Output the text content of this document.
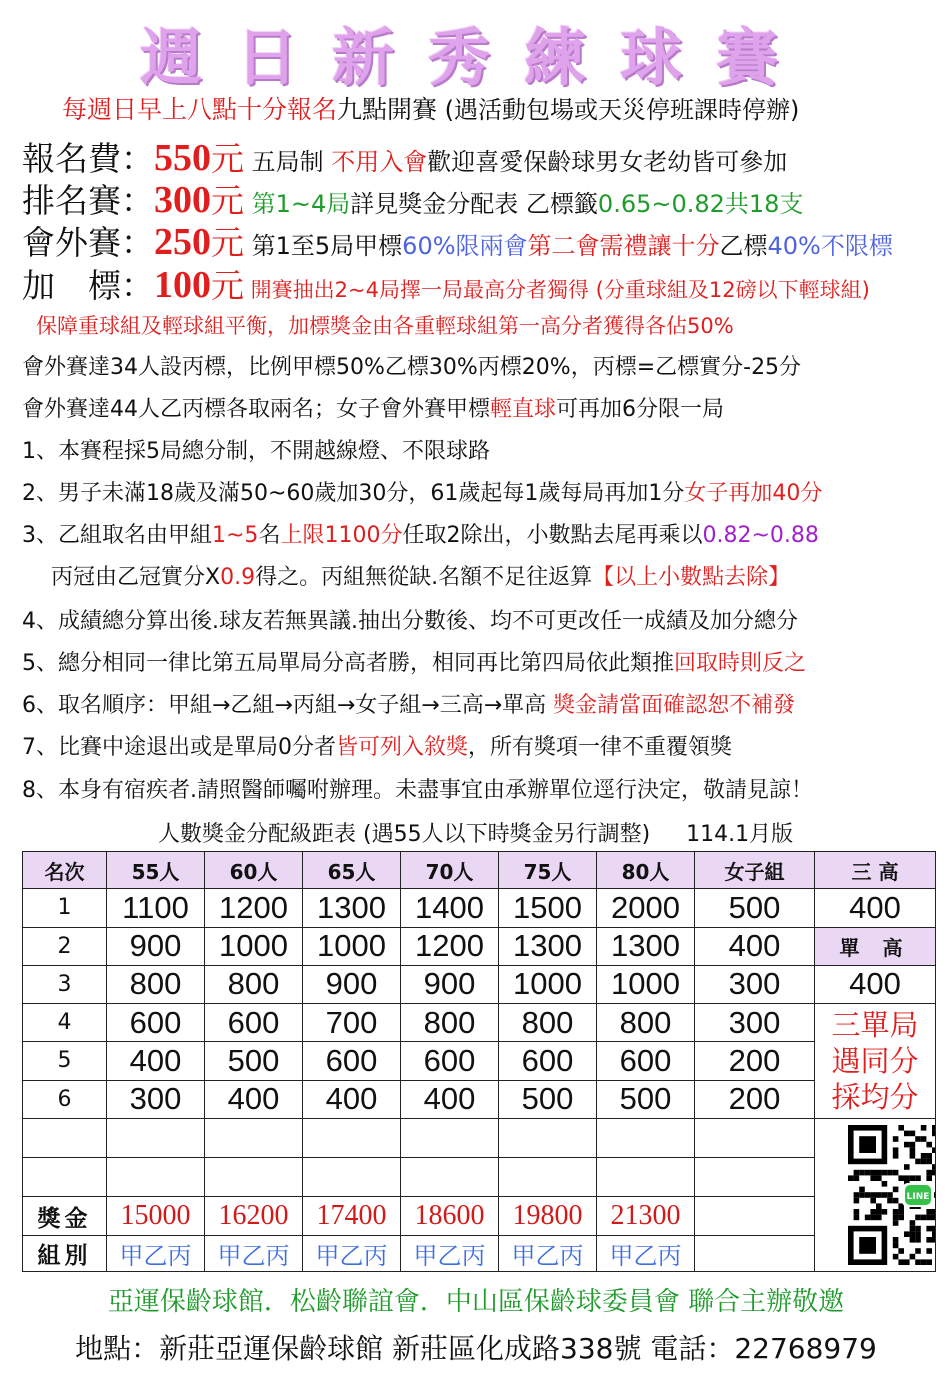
週日新秀練球賽
每週日早上八點十分報名九點開賽 (遇活動包場或天災停班課時停辦)
報名費：550元 五局制 不用入會歡迎喜愛保齡球男女老幼皆可參加
排名賽：300元 第1~4局詳見獎金分配表 乙標籤0.65~0.82共18支
會外賽：250元 第1至5局甲標60%限兩會第二會需禮讓十分乙標40%不限標
加　標：100元 開賽抽出2~4局擇一局最高分者獨得 (分重球組及12磅以下輕球組)
保障重球組及輕球組平衡，加標獎金由各重輕球組第一高分者獲得各佔50%
會外賽達34人設丙標，比例甲標50%乙標30%丙標20%，丙標=乙標實分-25分
會外賽達44人乙丙標各取兩名；女子會外賽甲標輕直球可再加6分限一局
1、本賽程採5局總分制，不開越線燈、不限球路
2、男子未滿18歲及滿50~60歲加30分，61歲起每1歲每局再加1分女子再加40分
3、乙組取名由甲組1~5名上限1100分任取2除出，小數點去尾再乘以0.82~0.88
　 丙冠由乙冠實分X0.9得之。丙組無從缺.名額不足往返算【以上小數點去除】
4、成績總分算出後.球友若無異議.抽出分數後、均不可更改任一成績及加分總分
5、總分相同一律比第五局單局分高者勝，相同再比第四局依此類推回取時則反之
6、取名順序：甲組→乙組→丙組→女子組→三高→單高 獎金請當面確認恕不補發
7、比賽中途退出或是單局0分者皆可列入敘獎，所有獎項一律不重覆領獎
8、本身有宿疾者.請照醫師囑咐辦理。未盡事宜由承辦單位逕行決定，敬請見諒！
人數獎金分配級距表 (遇55人以下時獎金另行調整) 114.1月版
名次	55人	60人	65人	70人	75人	80人	女子組	三 高
1	1100	1200	1300	1400	1500	2000	500	400
2	900	1000	1000	1200	1300	1300	400	單 高
3	800	800	900	900	1000	1000	300	400
4	600	600	700	800	800	800	300	三單局
遇同分
採均分

5	400	500	600	600	600	600	200	
6	300	400	400	400	500	500	200	

LINE

獎金	15000	16200	17400	18600	19800	21300		
組別	甲乙丙	甲乙丙	甲乙丙	甲乙丙	甲乙丙	甲乙丙		
亞運保齡球館．松齡聯誼會．中山區保齡球委員會 聯合主辦敬邀
地點：新莊亞運保齡球館 新莊區化成路338號 電話：22768979
